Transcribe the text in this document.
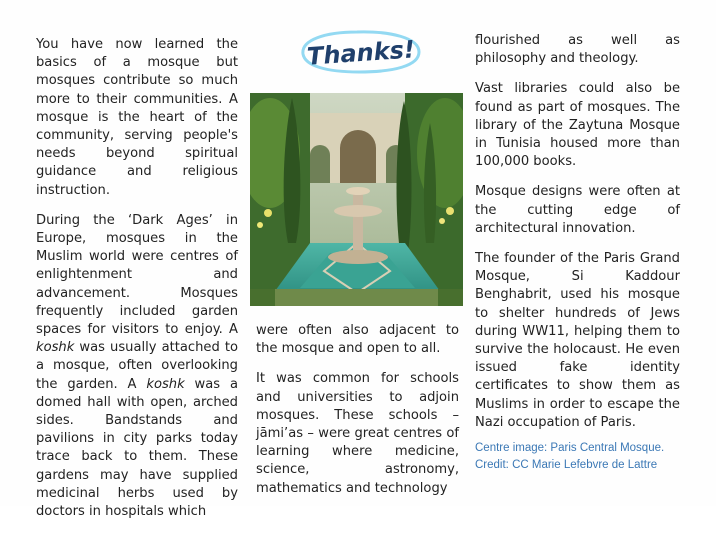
You have now learned the basics of a mosque but mosques contribute so much more to their communities. A mosque is the heart of the community, serving people's needs beyond spiritual guidance and religious instruction.

During the ‘Dark Ages’ in Europe, mosques in the Muslim world were centres of enlightenment and advancement. Mosques frequently included garden spaces for visitors to enjoy. A koshk was usually attached to a mosque, often overlooking the garden. A koshk was a domed hall with open, arched sides. Bandstands and pavilions in city parks today trace back to them. These gardens may have supplied medicinal herbs used by doctors in hospitals which

Thanks!

were often also adjacent to the mosque and open to all.

It was common for schools and universities to adjoin mosques. These schools – jāmi’as – were great centres of learning where medicine, science, astronomy, mathematics and technology

flourished as well as philosophy and theology.

Vast libraries could also be found as part of mosques. The library of the Zaytuna Mosque in Tunisia housed more than 100,000 books.

Mosque designs were often at the cutting edge of architectural innovation.

The founder of the Paris Grand Mosque, Si Kaddour Benghabrit, used his mosque to shelter hundreds of Jews during WW11, helping them to survive the holocaust. He even issued fake identity certificates to show them as Muslims in order to escape the Nazi occupation of Paris.

Centre image: Paris Central Mosque.
Credit: CC Marie Lefebvre de Lattre
